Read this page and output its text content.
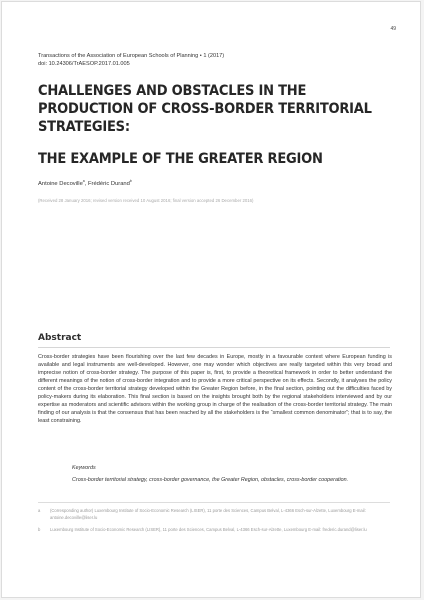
49
Transactions of the Association of European Schools of Planning • 1 (2017)
doi: 10.24306/TrAESOP.2017.01.005
CHALLENGES AND OBSTACLES IN THE
PRODUCTION OF CROSS-BORDER TERRITORIAL
STRATEGIES:
THE EXAMPLE OF THE GREATER REGION
Antoine Decoville$^a$, Frédéric Durand$^b$
(Received 28 January 2016; revised version received 10 August 2016; final version accepted 26 December 2016)
Abstract
Cross-border strategies have been flourishing over the last few decades in Europe, mostly in a favourable context where European funding is available and legal instruments are well-developed. However, one may wonder which objectives are really targeted within this very broad and imprecise notion of cross-border strategy. The purpose of this paper is, first, to provide a theoretical framework in order to better understand the different meanings of the notion of cross-border integration and to provide a more critical perspective on its effects. Secondly, it analyses the policy content of the cross-border territorial strategy developed within the Greater Region before, in the final section, pointing out the difficulties faced by policy-makers during its elaboration. This final section is based on the insights brought both by the regional stakeholders interviewed and by our expertise as moderators and scientific advisors within the working group in charge of the realisation of the cross-border territorial strategy. The main finding of our analysis is that the consensus that has been reached by all the stakeholders is the “smallest common denominator”; that is to say, the least constraining.
Keywords
Cross-border territorial strategy, cross-border governance, the Greater Region, obstacles, cross-border cooperation.
a (Corresponding author) Luxembourg Institute of Socio-Economic Research (LISER), 11 porte des Sciences, Campus Belval, L-4366 Esch-sur-Alzette, Luxembourg E-mail: antoine.decoville@liser.lu
b Luxembourg Institute of Socio-Economic Research (LISER), 11 porte des Sciences, Campus Belval, L-4366 Esch-sur-Alzette, Luxembourg E-mail: frederic.durand@liser.lu
